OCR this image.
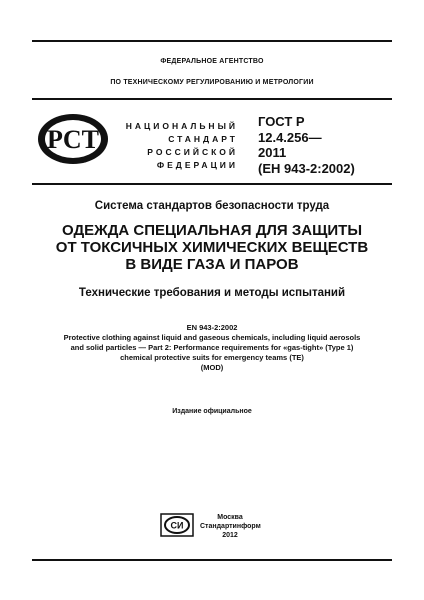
ФЕДЕРАЛЬНОЕ АГЕНТСТВО
ПО ТЕХНИЧЕСКОМУ РЕГУЛИРОВАНИЮ И МЕТРОЛОГИИ
PCT	НАЦИОНАЛЬНЫЙ
СТАНДАРТ
РОССИЙСКОЙ
ФЕДЕРАЦИИ
ГОСТ Р
12.4.256—
2011
(ЕН 943-2:2002)
Система стандартов безопасности труда
ОДЕЖДА СПЕЦИАЛЬНАЯ ДЛЯ ЗАЩИТЫ
ОТ ТОКСИЧНЫХ ХИМИЧЕСКИХ ВЕЩЕСТВ
В ВИДЕ ГАЗА И ПАРОВ
Технические требования и методы испытаний
EN 943-2:2002
Protective clothing against liquid and gaseous chemicals, including liquid aerosols
and solid particles — Part 2: Performance requirements for «gas-tight» (Type 1)
chemical protective suits for emergency teams (ТЕ)
(MOD)
Издание официальное
СИ
Москва
Стандартинформ
2012
